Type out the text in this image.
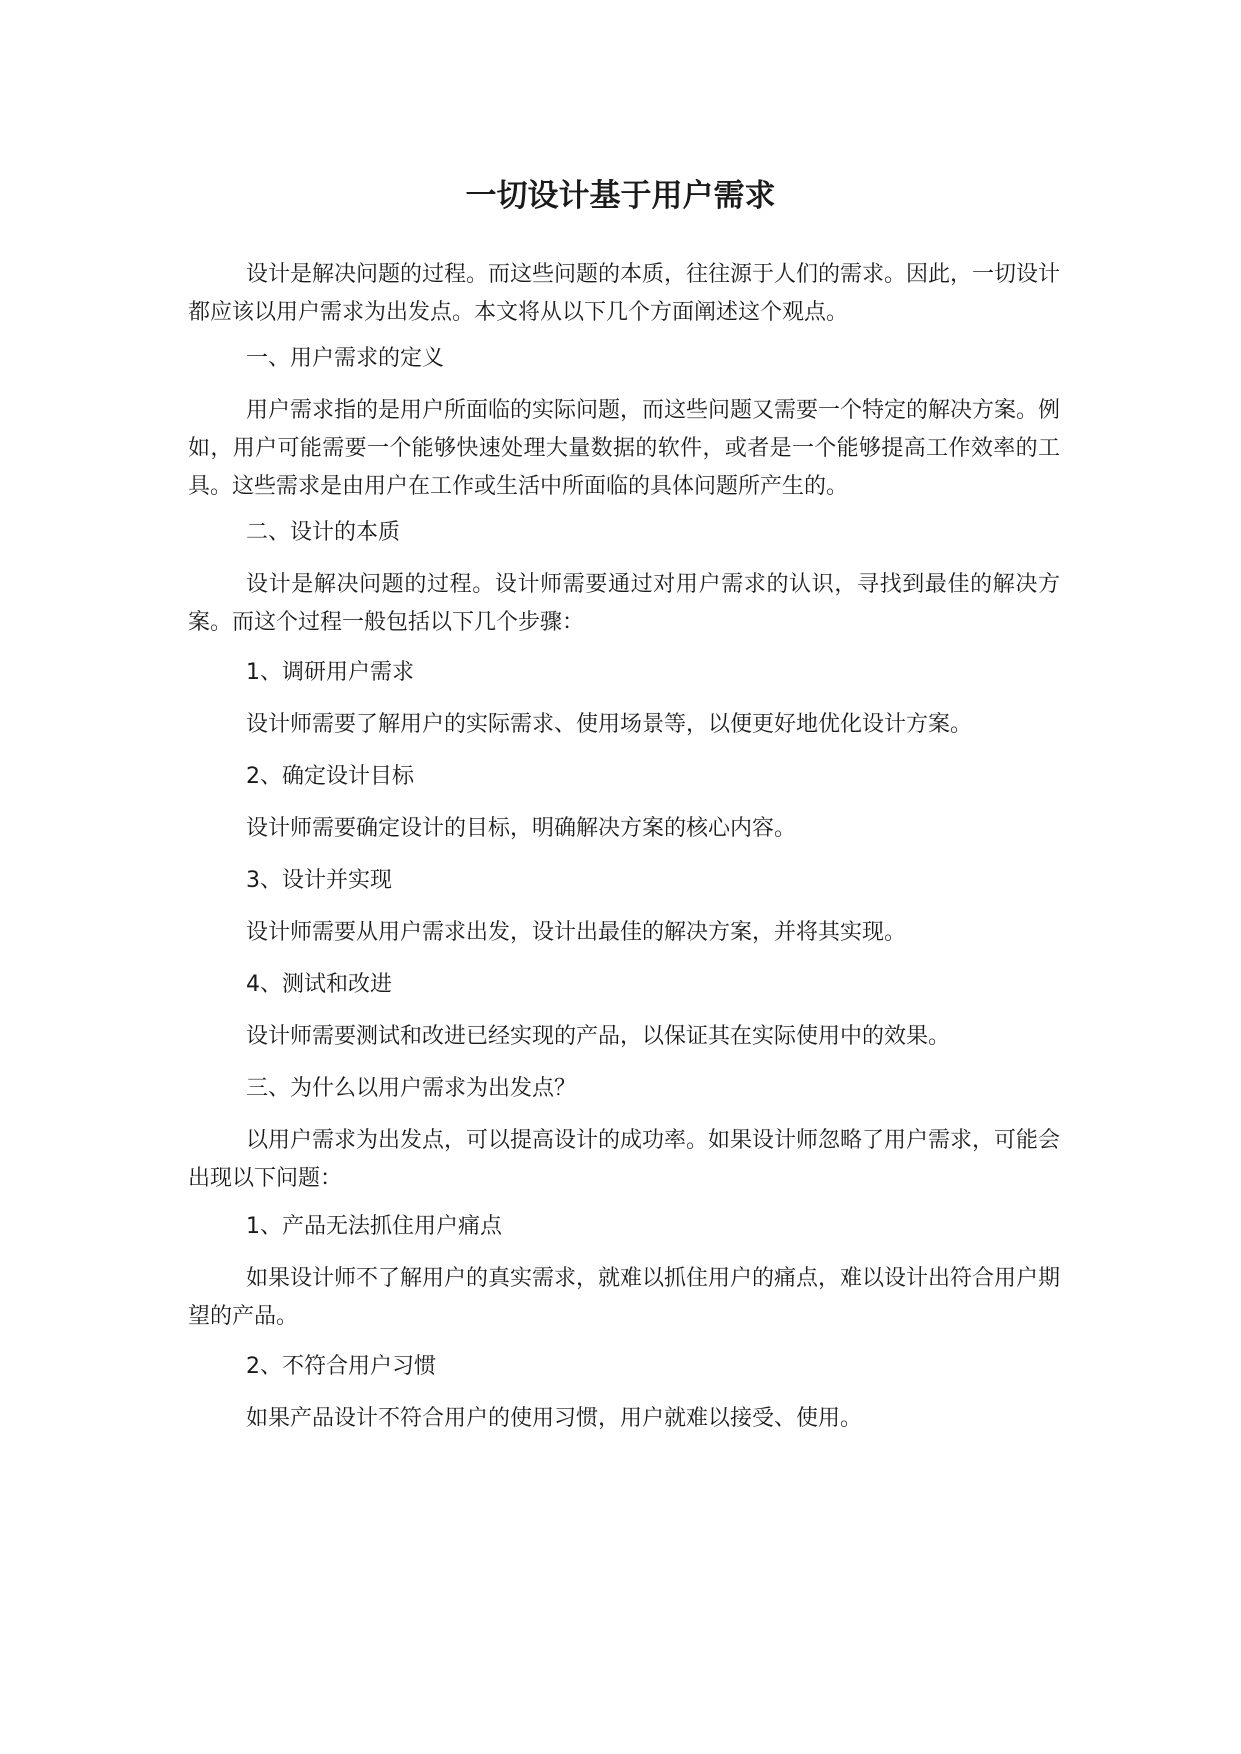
一切设计基于用户需求

设计是解决问题的过程。而这些问题的本质，往往源于人们的需求。因此，一切设计都应该以用户需求为出发点。本文将从以下几个方面阐述这个观点。

一、用户需求的定义

用户需求指的是用户所面临的实际问题，而这些问题又需要一个特定的解决方案。例如，用户可能需要一个能够快速处理大量数据的软件，或者是一个能够提高工作效率的工具。这些需求是由用户在工作或生活中所面临的具体问题所产生的。

二、设计的本质

设计是解决问题的过程。设计师需要通过对用户需求的认识，寻找到最佳的解决方案。而这个过程一般包括以下几个步骤：

1、调研用户需求

设计师需要了解用户的实际需求、使用场景等，以便更好地优化设计方案。

2、确定设计目标

设计师需要确定设计的目标，明确解决方案的核心内容。

3、设计并实现

设计师需要从用户需求出发，设计出最佳的解决方案，并将其实现。

4、测试和改进

设计师需要测试和改进已经实现的产品，以保证其在实际使用中的效果。

三、为什么以用户需求为出发点？

以用户需求为出发点，可以提高设计的成功率。如果设计师忽略了用户需求，可能会出现以下问题：

1、产品无法抓住用户痛点

如果设计师不了解用户的真实需求，就难以抓住用户的痛点，难以设计出符合用户期望的产品。

2、不符合用户习惯

如果产品设计不符合用户的使用习惯，用户就难以接受、使用。
